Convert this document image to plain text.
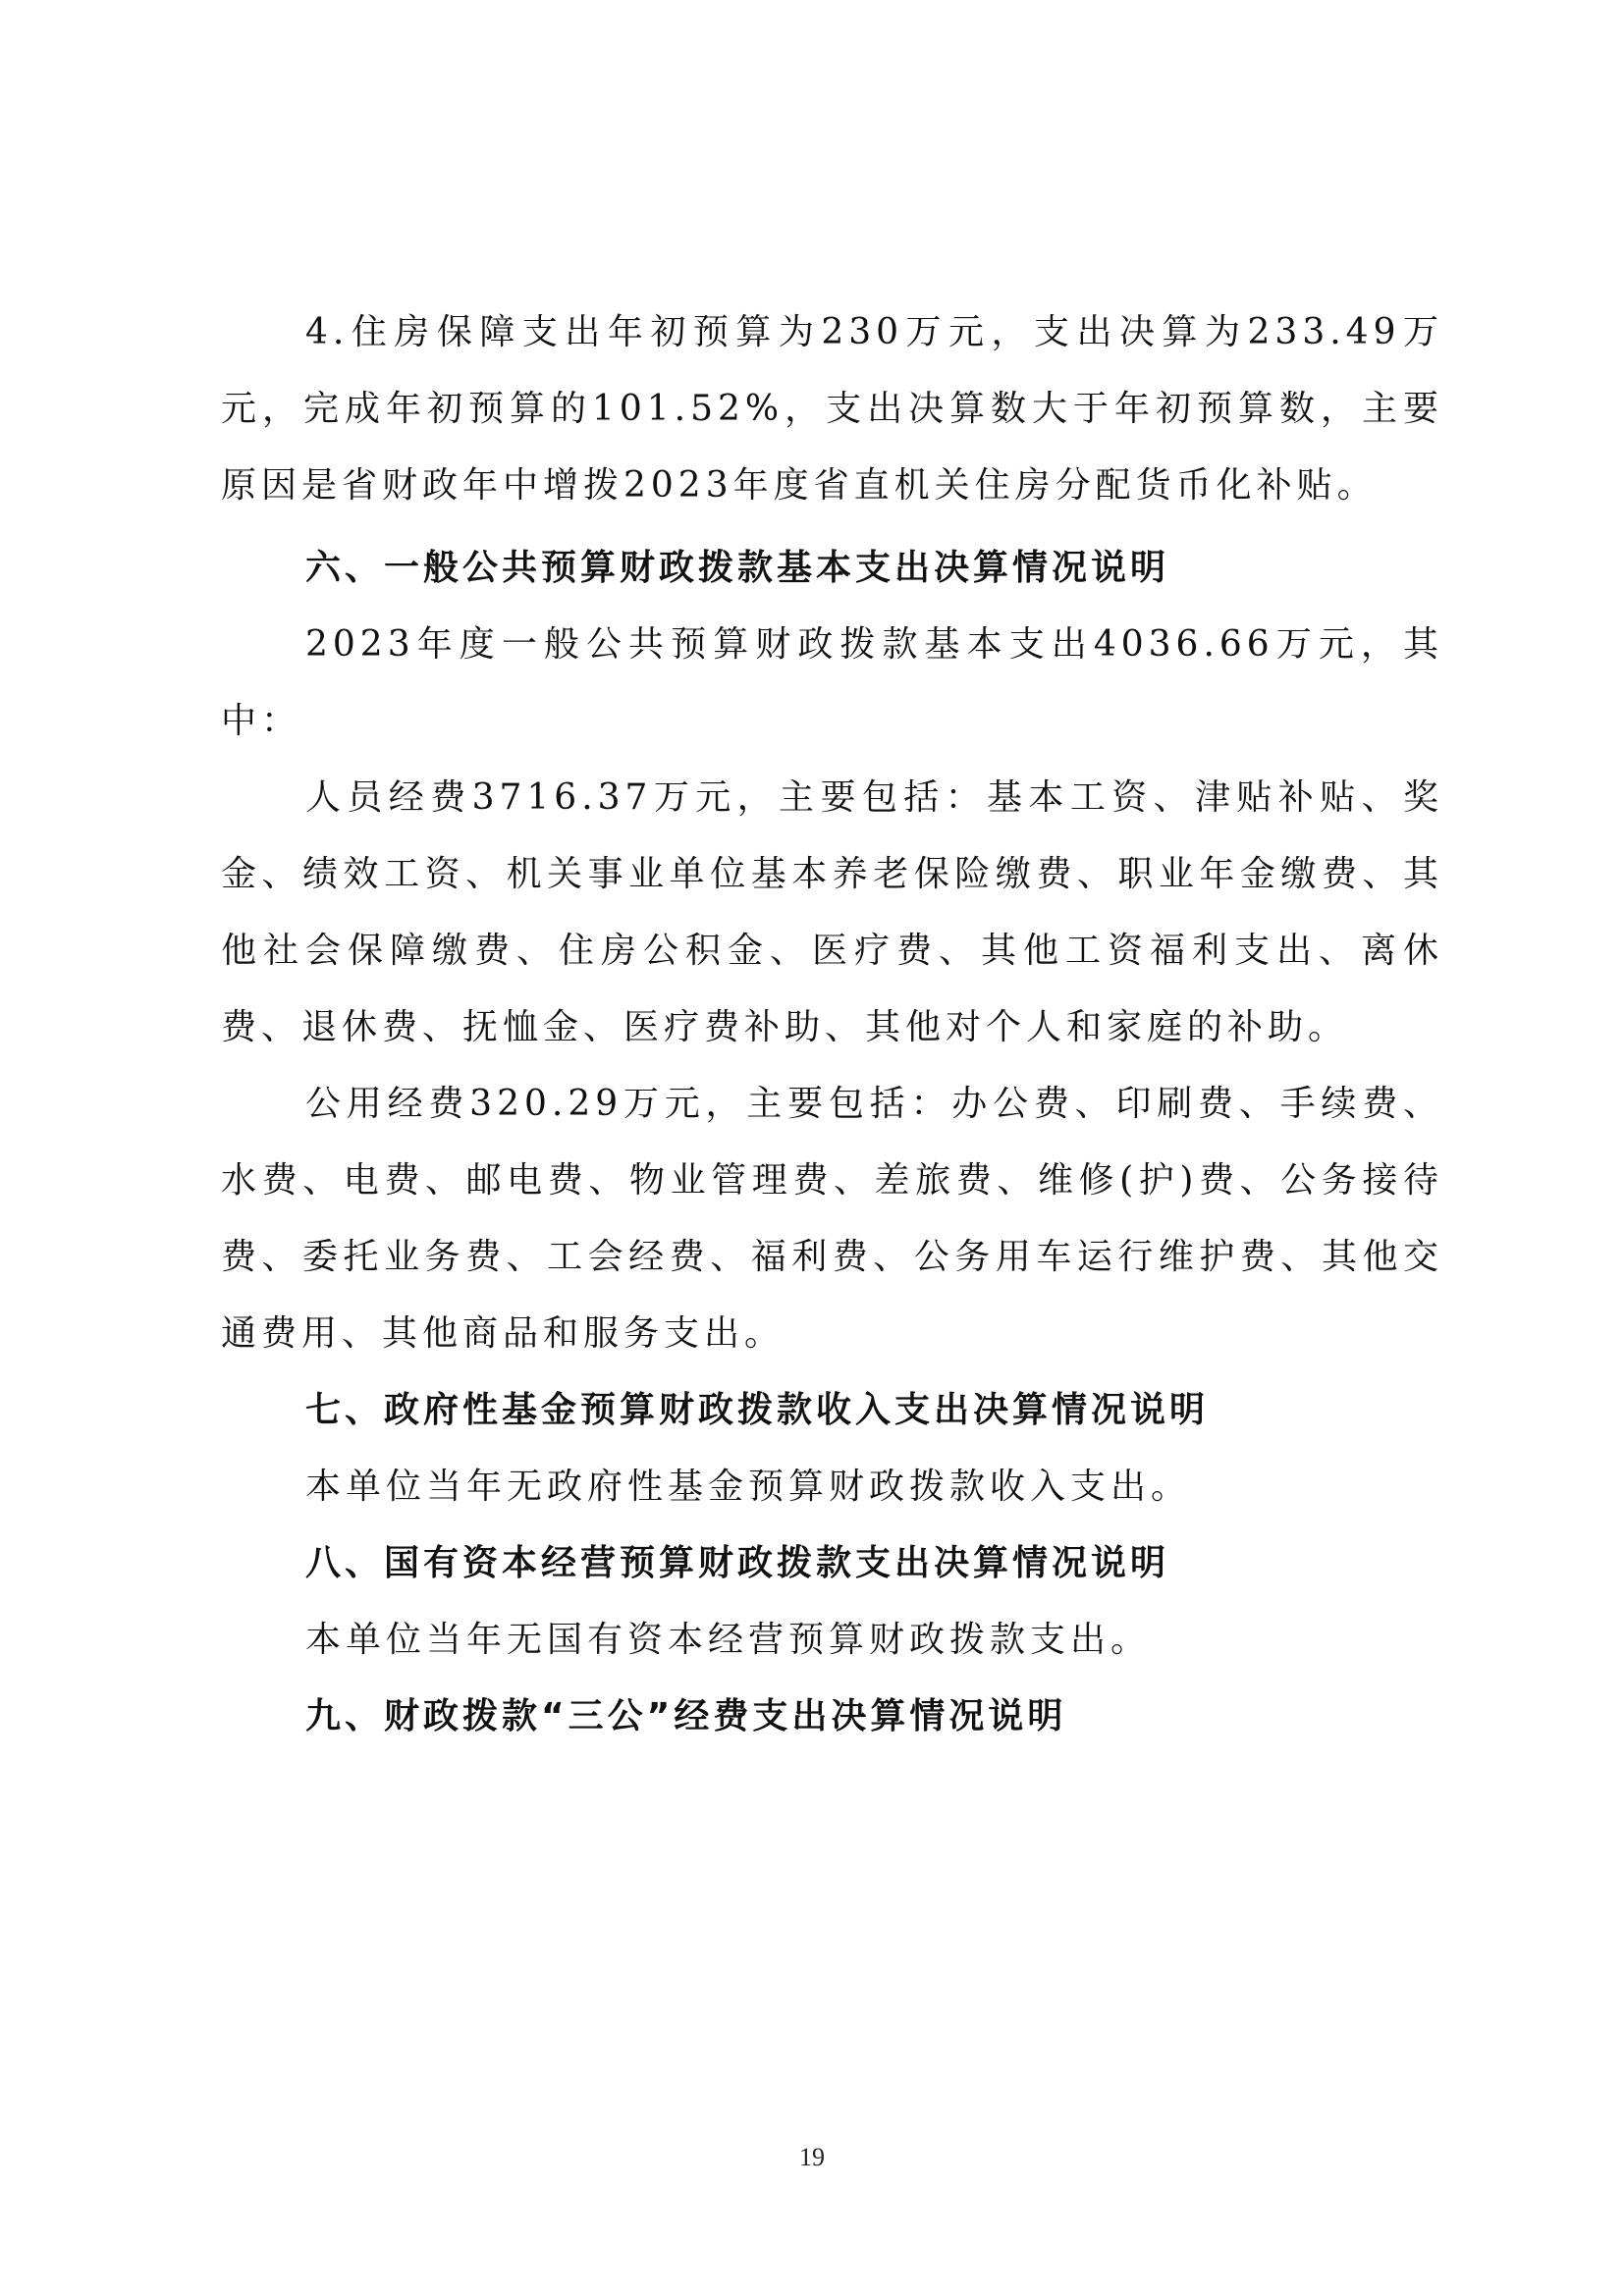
4.住房保障支出年初预算为230万元，支出决算为233.49万元，完成年初预算的101.52%，支出决算数大于年初预算数，主要原因是省财政年中增拨2023年度省直机关住房分配货币化补贴。

六、一般公共预算财政拨款基本支出决算情况说明

2023年度一般公共预算财政拨款基本支出4036.66万元，其中：

人员经费3716.37万元，主要包括：基本工资、津贴补贴、奖金、绩效工资、机关事业单位基本养老保险缴费、职业年金缴费、其他社会保障缴费、住房公积金、医疗费、其他工资福利支出、离休费、退休费、抚恤金、医疗费补助、其他对个人和家庭的补助。

公用经费320.29万元，主要包括：办公费、印刷费、手续费、水费、电费、邮电费、物业管理费、差旅费、维修(护)费、公务接待费、委托业务费、工会经费、福利费、公务用车运行维护费、其他交通费用、其他商品和服务支出。

七、政府性基金预算财政拨款收入支出决算情况说明

本单位当年无政府性基金预算财政拨款收入支出。

八、国有资本经营预算财政拨款支出决算情况说明

本单位当年无国有资本经营预算财政拨款支出。

九、财政拨款“三公”经费支出决算情况说明

19
